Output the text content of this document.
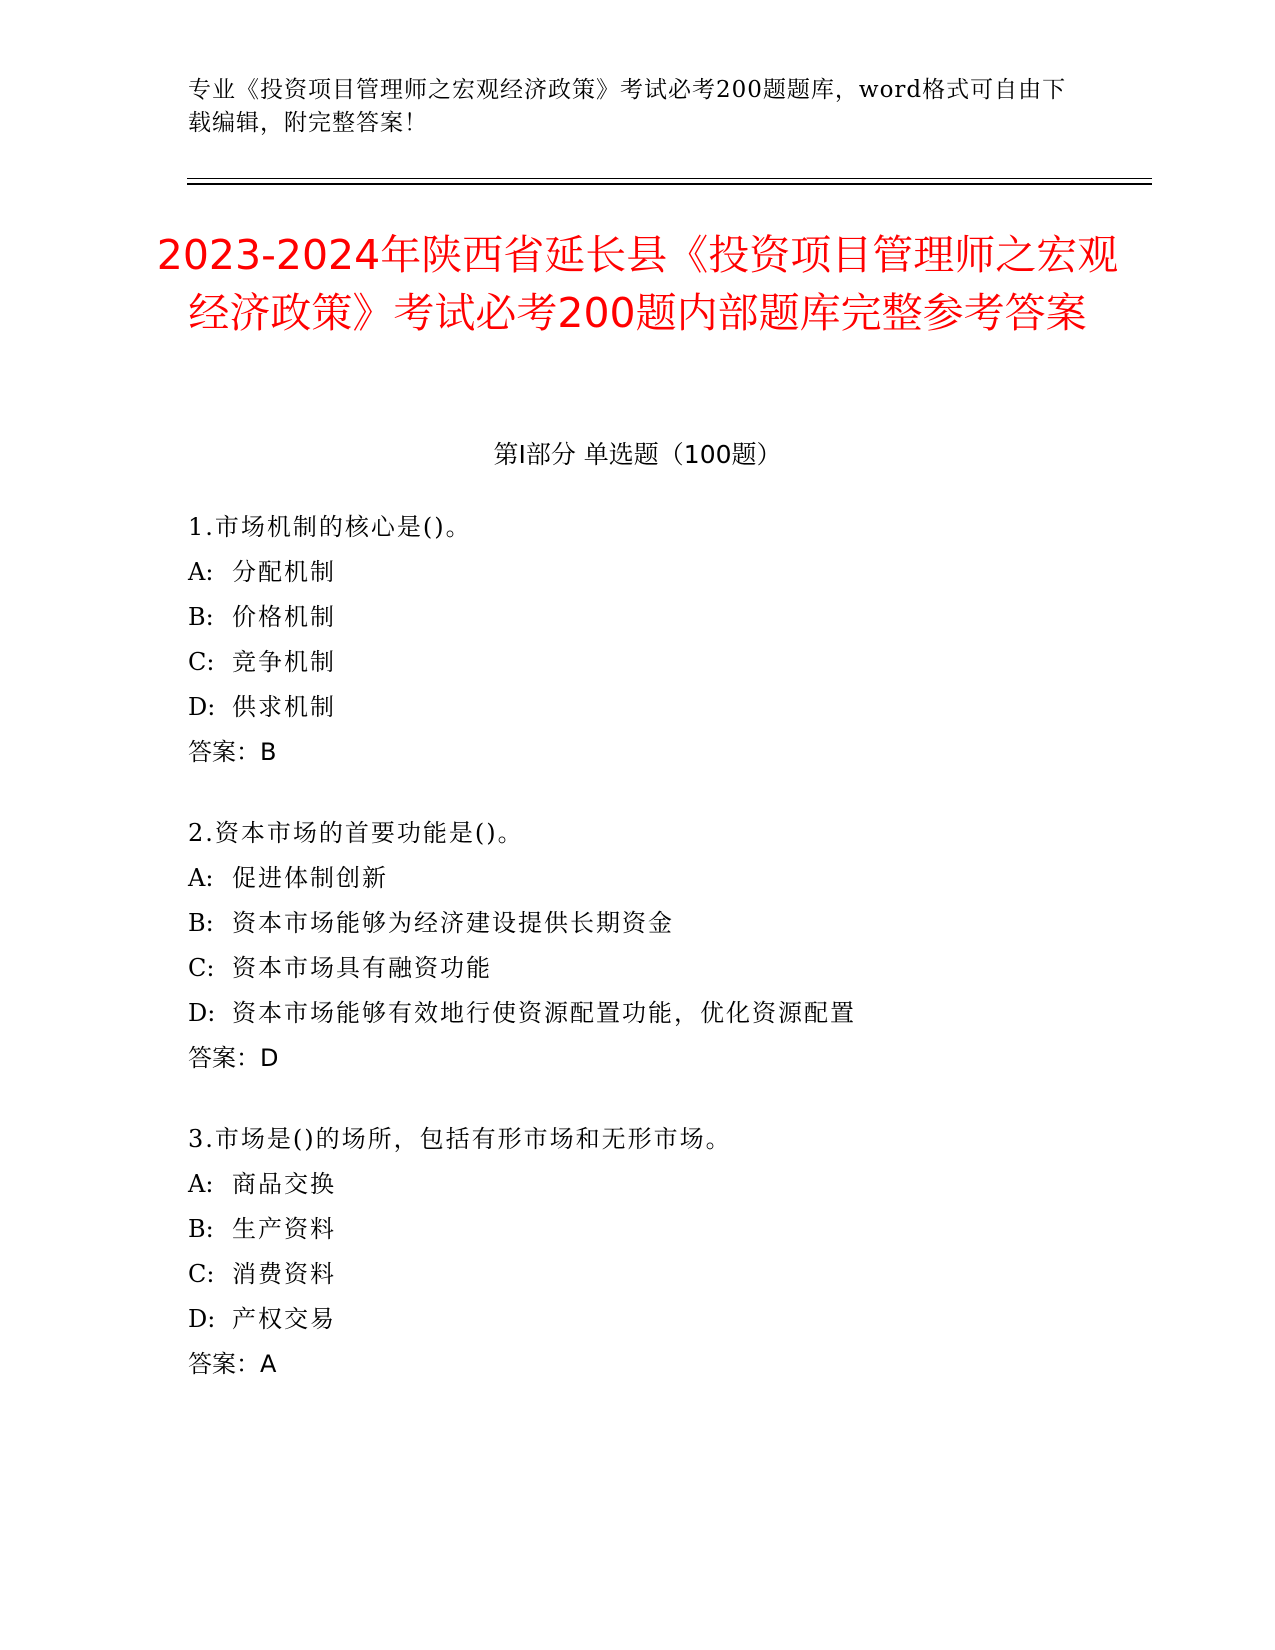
专业《投资项目管理师之宏观经济政策》考试必考200题题库，word格式可自由下载编辑，附完整答案！
2023-2024年陕西省延长县《投资项目管理师之宏观经济政策》考试必考200题内部题库完整参考答案
第Ⅰ部分 单选题（100题）
1.市场机制的核心是()。
A: 分配机制
B: 价格机制
C: 竞争机制
D: 供求机制
答案：B
2.资本市场的首要功能是()。
A: 促进体制创新
B: 资本市场能够为经济建设提供长期资金
C: 资本市场具有融资功能
D: 资本市场能够有效地行使资源配置功能，优化资源配置
答案：D
3.市场是()的场所，包括有形市场和无形市场。
A: 商品交换
B: 生产资料
C: 消费资料
D: 产权交易
答案：A
